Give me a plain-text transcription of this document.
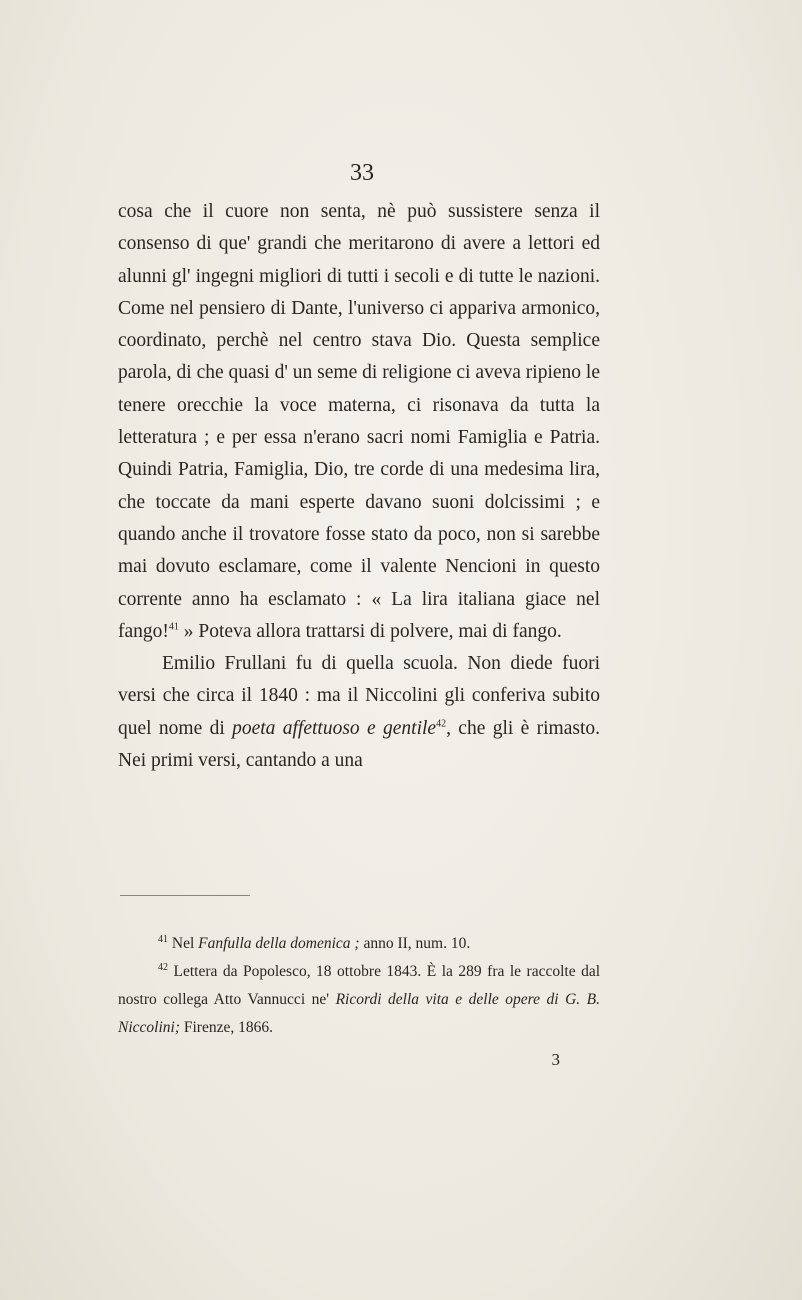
33

cosa che il cuore non senta, nè può sussistere senza il consenso di que' grandi che meritarono di avere a lettori ed alunni gl' ingegni migliori di tutti i secoli e di tutte le nazioni. Come nel pensiero di Dante, l'universo ci appariva armonico, coordinato, perchè nel centro stava Dio. Questa semplice parola, di che quasi d' un seme di religione ci aveva ripieno le tenere orecchie la voce materna, ci risonava da tutta la letteratura ; e per essa n'erano sacri nomi Famiglia e Patria. Quindi Patria, Famiglia, Dio, tre corde di una medesima lira, che toccate da mani esperte davano suoni dolcissimi ; e quando anche il trovatore fosse stato da poco, non si sarebbe mai dovuto esclamare, come il valente Nencioni in questo corrente anno ha esclamato : « La lira italiana giace nel fango!$^{41}$ » Poteva allora trattarsi di polvere, mai di fango.

Emilio Frullani fu di quella scuola. Non diede fuori versi che circa il 1840 : ma il Niccolini gli conferiva subito quel nome di poeta affettuoso e gentile$^{42}$, che gli è rimasto. Nei primi versi, cantando a una

$^{41}$ Nel Fanfulla della domenica ; anno II, num. 10.

$^{42}$ Lettera da Popolesco, 18 ottobre 1843. È la 289 fra le raccolte dal nostro collega Atto Vannucci ne' Ricordi della vita e delle opere di G. B. Niccolini; Firenze, 1866.

3
